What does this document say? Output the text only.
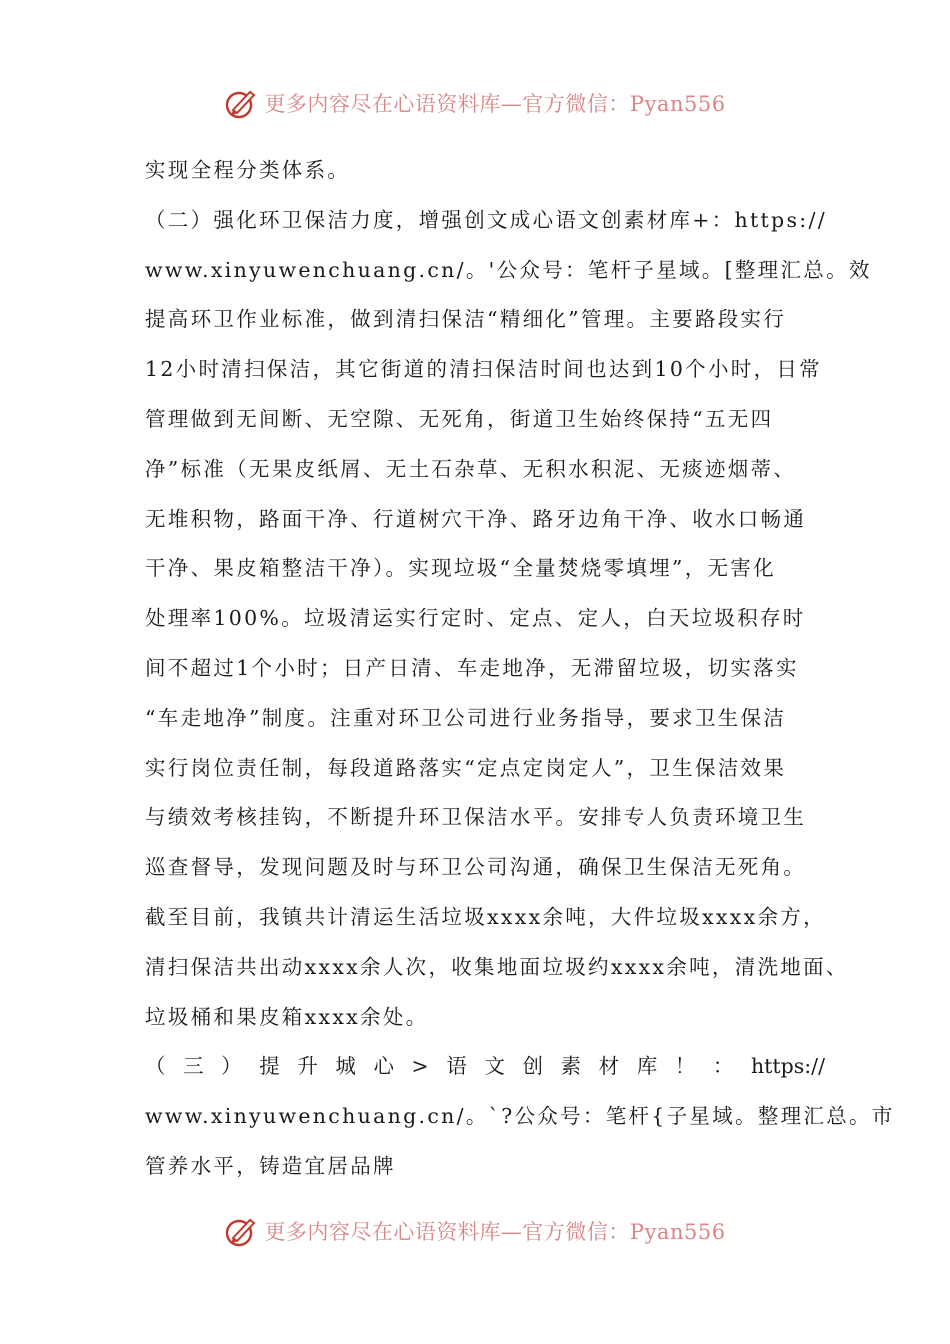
更多内容尽在心语资料库—官方微信：Pyan556
实现全程分类体系。
（二）强化环卫保洁力度，增强创文成心语文创素材库+：https://
www.xinyuwenchuang.cn/。'公众号：笔杆子星域。[整理汇总。效
提高环卫作业标准，做到清扫保洁“精细化”管理。主要路段实行
12小时清扫保洁，其它街道的清扫保洁时间也达到10个小时，日常
管理做到无间断、无空隙、无死角，街道卫生始终保持“五无四
净”标准（无果皮纸屑、无土石杂草、无积水积泥、无痰迹烟蒂、
无堆积物，路面干净、行道树穴干净、路牙边角干净、收水口畅通
干净、果皮箱整洁干净）。实现垃圾“全量焚烧零填埋”，无害化
处理率100%。垃圾清运实行定时、定点、定人，白天垃圾积存时
间不超过1个小时；日产日清、车走地净，无滞留垃圾，切实落实
“车走地净”制度。注重对环卫公司进行业务指导，要求卫生保洁
实行岗位责任制，每段道路落实“定点定岗定人”，卫生保洁效果
与绩效考核挂钩，不断提升环卫保洁水平。安排专人负责环境卫生
巡查督导，发现问题及时与环卫公司沟通，确保卫生保洁无死角。
截至目前，我镇共计清运生活垃圾xxxx余吨，大件垃圾xxxx余方，
清扫保洁共出动xxxx余人次，收集地面垃圾约xxxx余吨，清洗地面、
垃圾桶和果皮箱xxxx余处。
（ 三 ） 提 升 城 心 > 语 文 创 素 材 库 ！ ： https://
www.xinyuwenchuang.cn/。`?公众号：笔杆{子星域。整理汇总。市
管养水平，铸造宜居品牌
更多内容尽在心语资料库—官方微信：Pyan556
